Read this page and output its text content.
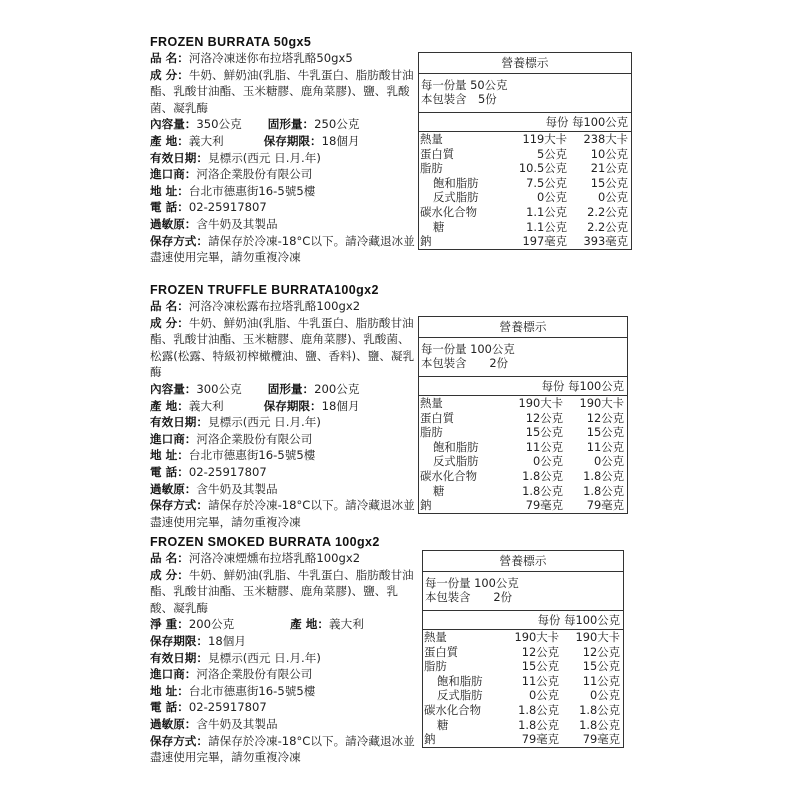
FROZEN BURRATA 50gx5

品 名：河洛冷凍迷你布拉塔乳酪50gx5

成 分：牛奶、鮮奶油(乳脂、牛乳蛋白、脂肪酸甘油酯、乳酸甘油酯、玉米糖膠、鹿角菜膠)、鹽、乳酸菌、凝乳酶

內容量：350公克 固形量：250公克

產 地：義大利	保存期限：18個月

有效日期：見標示(西元 日.月.年)

進口商：河洛企業股份有限公司

地 址：台北市德惠街16-5號5樓

電 話：02-25917807

過敏原：含牛奶及其製品

保存方式：請保存於冷凍-18°C以下。請冷藏退冰並盡速使用完畢，請勿重複冷凍

營養標示
每一份量 50公克
本包裝含　5份
每份 每100公克
熱量	119大卡	238大卡
蛋白質	5公克	10公克
脂肪	10.5公克	21公克
飽和脂肪	7.5公克	15公克
反式脂肪	0公克	0公克
碳水化合物	1.1公克	2.2公克
糖	1.1公克	2.2公克
鈉	197毫克	393毫克
FROZEN TRUFFLE BURRATA100gx2

品 名：河洛冷凍松露布拉塔乳酪100gx2

成 分：牛奶、鮮奶油(乳脂、牛乳蛋白、脂肪酸甘油酯、乳酸甘油酯、玉米糖膠、鹿角菜膠)、乳酸菌、松露(松露、特級初榨橄欖油、鹽、香料)、鹽、凝乳酶

內容量：300公克 固形量：200公克

產 地：義大利	保存期限：18個月

有效日期：見標示(西元 日.月.年)

進口商：河洛企業股份有限公司

地 址：台北市德惠街16-5號5樓

電 話：02-25917807

過敏原：含牛奶及其製品

保存方式：請保存於冷凍-18°C以下。請冷藏退冰並盡速使用完畢，請勿重複冷凍

營養標示
每一份量 100公克
本包裝含　　2份
每份 每100公克
熱量	190大卡	190大卡
蛋白質	12公克	12公克
脂肪	15公克	15公克
飽和脂肪	11公克	11公克
反式脂肪	0公克	0公克
碳水化合物	1.8公克	1.8公克
糖	1.8公克	1.8公克
鈉	79毫克	79毫克
FROZEN SMOKED BURRATA 100gx2

品 名：河洛冷凍煙燻布拉塔乳酪100gx2

成 分：牛奶、鮮奶油(乳脂、牛乳蛋白、脂肪酸甘油酯、乳酸甘油酯、玉米糖膠、鹿角菜膠)、鹽、乳酸、凝乳酶

淨 重：200公克	產 地：義大利

保存期限：18個月

有效日期：見標示(西元 日.月.年)

進口商：河洛企業股份有限公司

地 址：台北市德惠街16-5號5樓

電 話：02-25917807

過敏原：含牛奶及其製品

保存方式：請保存於冷凍-18°C以下。請冷藏退冰並盡速使用完畢，請勿重複冷凍

營養標示
每一份量 100公克
本包裝含　　2份
每份 每100公克
熱量	190大卡	190大卡
蛋白質	12公克	12公克
脂肪	15公克	15公克
飽和脂肪	11公克	11公克
反式脂肪	0公克	0公克
碳水化合物	1.8公克	1.8公克
糖	1.8公克	1.8公克
鈉	79毫克	79毫克
